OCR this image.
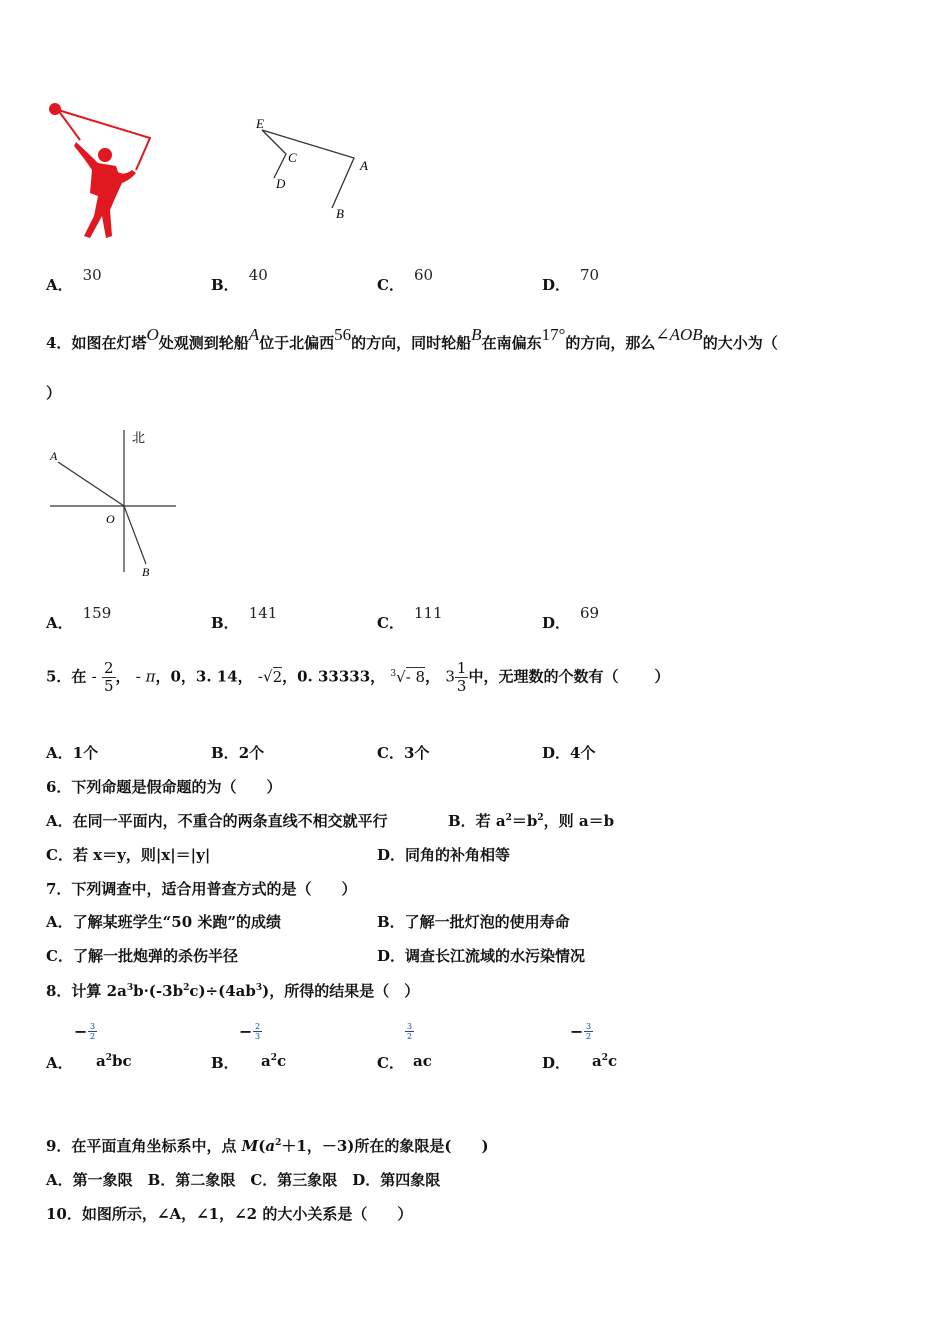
E
C
D
A
B
A．30
B．40
C．60
D．70
4．如图在灯塔O处观测到轮船A位于北偏西56的方向，同时轮船B在南偏东17°的方向，那么∠AOB的大小为（
）
北
A
O
B
A．159
B．141
C．111
D．69
5．在 - $\frac{2}{5}$ ， - π，0，3. 14， -√2，0. 33333， $^3$√- 8， $3 \frac{1}{3}$ 中，无理数的个数有（ ）
A．1个	B．2个	C．3个	D．4个
6．下列命题是假命题的为（　　）
A．在同一平面内，不重合的两条直线不相交就平行	B．若 $a^2=b^2$，则 a＝b
C．若 x＝y，则|x|＝|y|	D．同角的补角相等
7．下列调查中，适合用普查方式的是（　　）
A．了解某班学生“50 米跑”的成绩	B．了解一批灯泡的使用寿命
C．了解一批炮弹的杀伤半径	D．调查长江流域的水污染情况
8．计算 $2a^3b\cdot(-3b^2c)\div(4ab^3)$，所得的结果是（　）
− $\frac{3}{2}$
A． $a^2bc$
− $\frac{2}{3}$
B． $a^2c$
$\frac{3}{2}$
C． ac
− $\frac{3}{2}$
D． $a^2c$
9．在平面直角坐标系中，点 $M(a^2+1$，－3)所在的象限是(　　)
A．第一象限　B．第二象限　C．第三象限　D．第四象限
10．如图所示，∠A，∠1，∠2 的大小关系是（　　）
